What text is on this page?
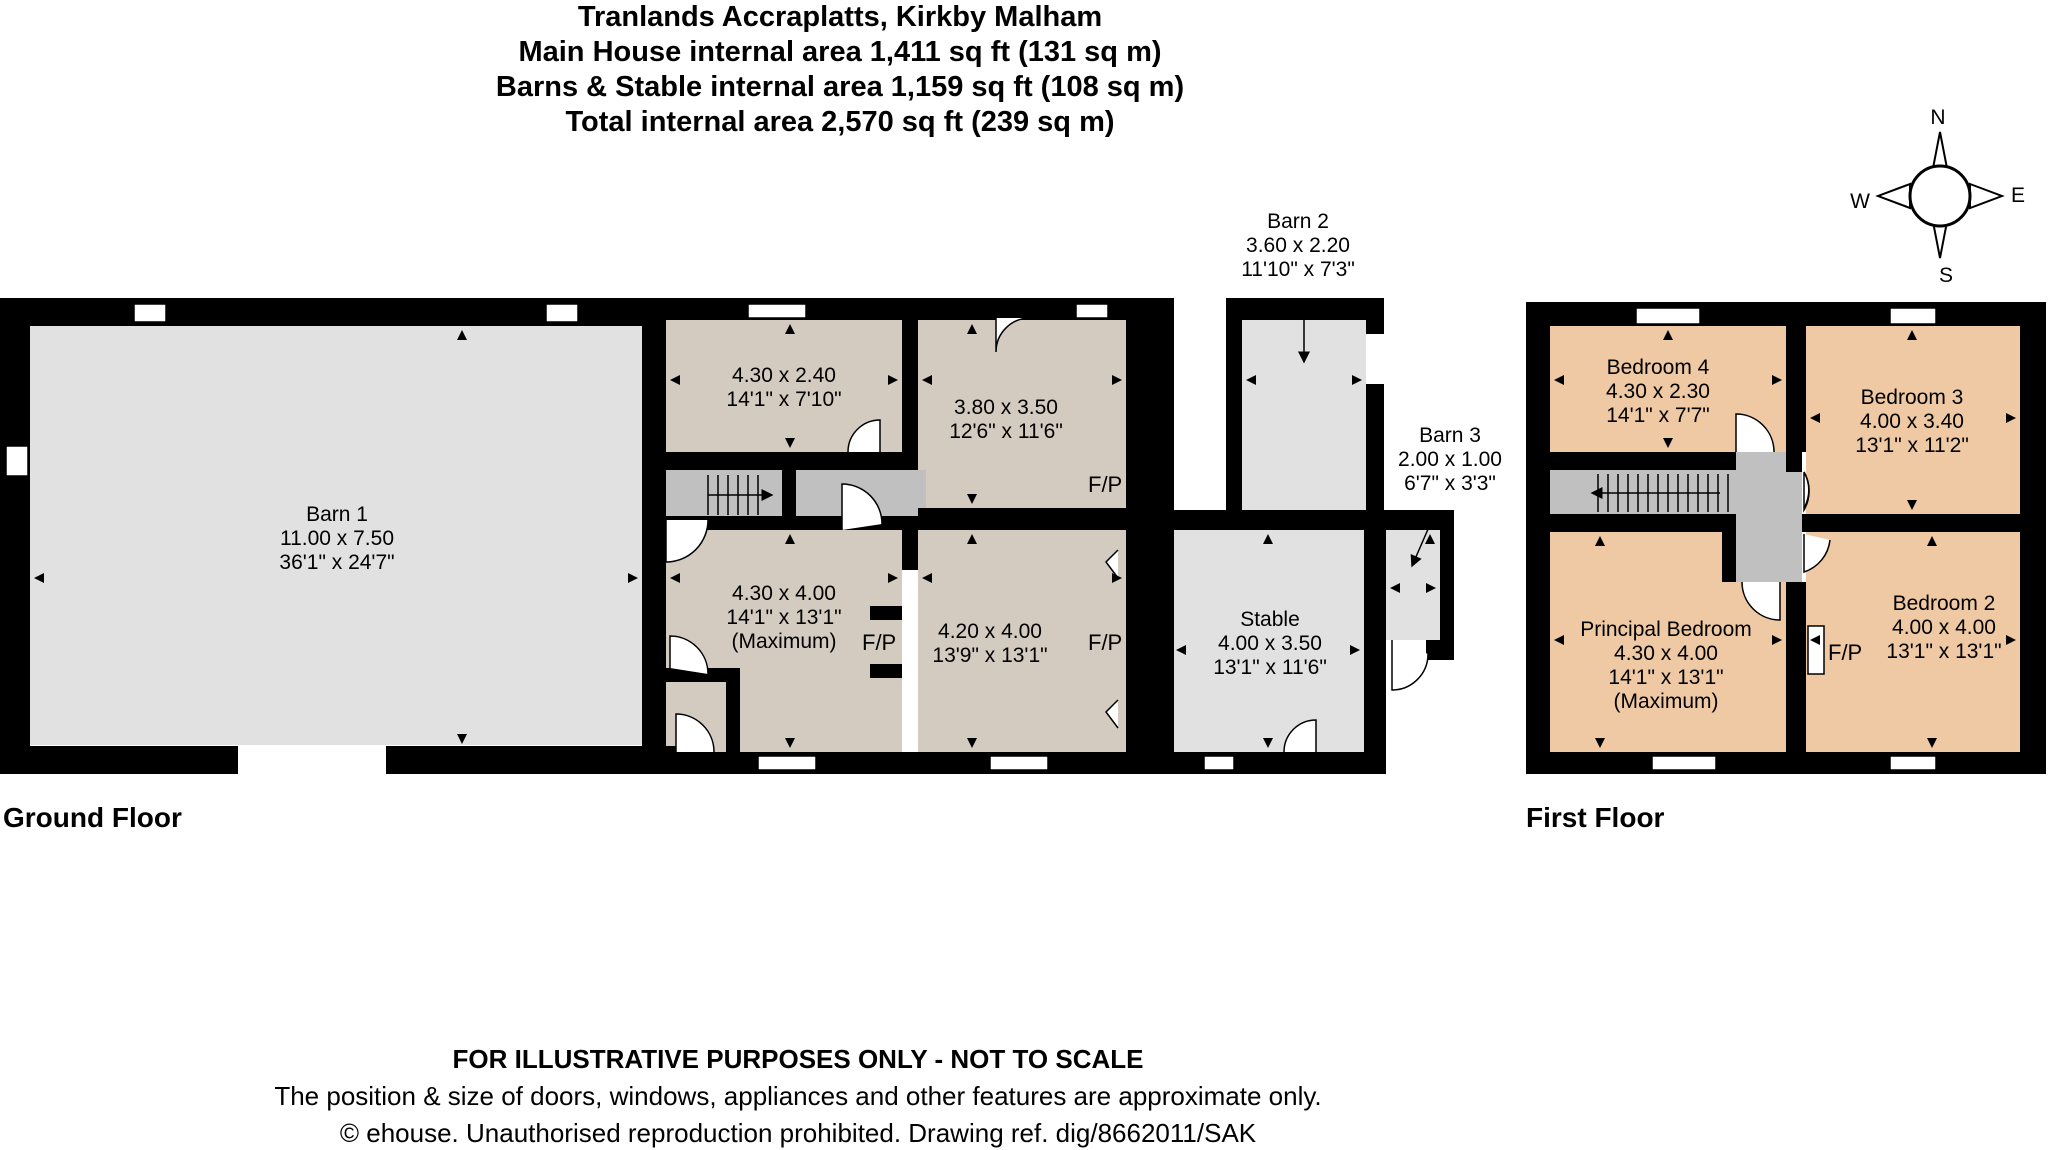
Tranlands Accraplatts, Kirkby Malham
Main House internal area 1,411 sq ft (131 sq m)
Barns & Stable internal area 1,159 sq ft (108 sq m)
Total internal area 2,570 sq ft (239 sq m)
Barn 1
11.00 x 7.50
36'1" x 24'7"
4.30 x 2.40
14'1" x 7'10"	3.80 x 3.50
12'6" x 11'6"
F/P
4.30 x 4.00
14'1" x 13'1"
(Maximum) F/P 4.20 x 4.00
13'9" x 13'1"
F/P
Barn 2
3.60 x 2.20
11'10" x 7'3"
Barn 3
2.00 x 1.00
6'7" x 3'3"
Stable
4.00 x 3.50
13'1" x 11'6"
Bedroom 4
4.30 x 2.30
14'1" x 7'7"
Bedroom 3
4.00 x 3.40
13'1" x 11'2"
Principal Bedroom
4.30 x 4.00
14'1" x 13'1"
(Maximum)
F/P
Bedroom 2
4.00 x 4.00
13'1" x 13'1"
N
E
S
W
Ground Floor	First Floor
FOR ILLUSTRATIVE PURPOSES ONLY - NOT TO SCALE
The position & size of doors, windows, appliances and other features are approximate only.
© ehouse. Unauthorised reproduction prohibited. Drawing ref. dig/8662011/SAK
